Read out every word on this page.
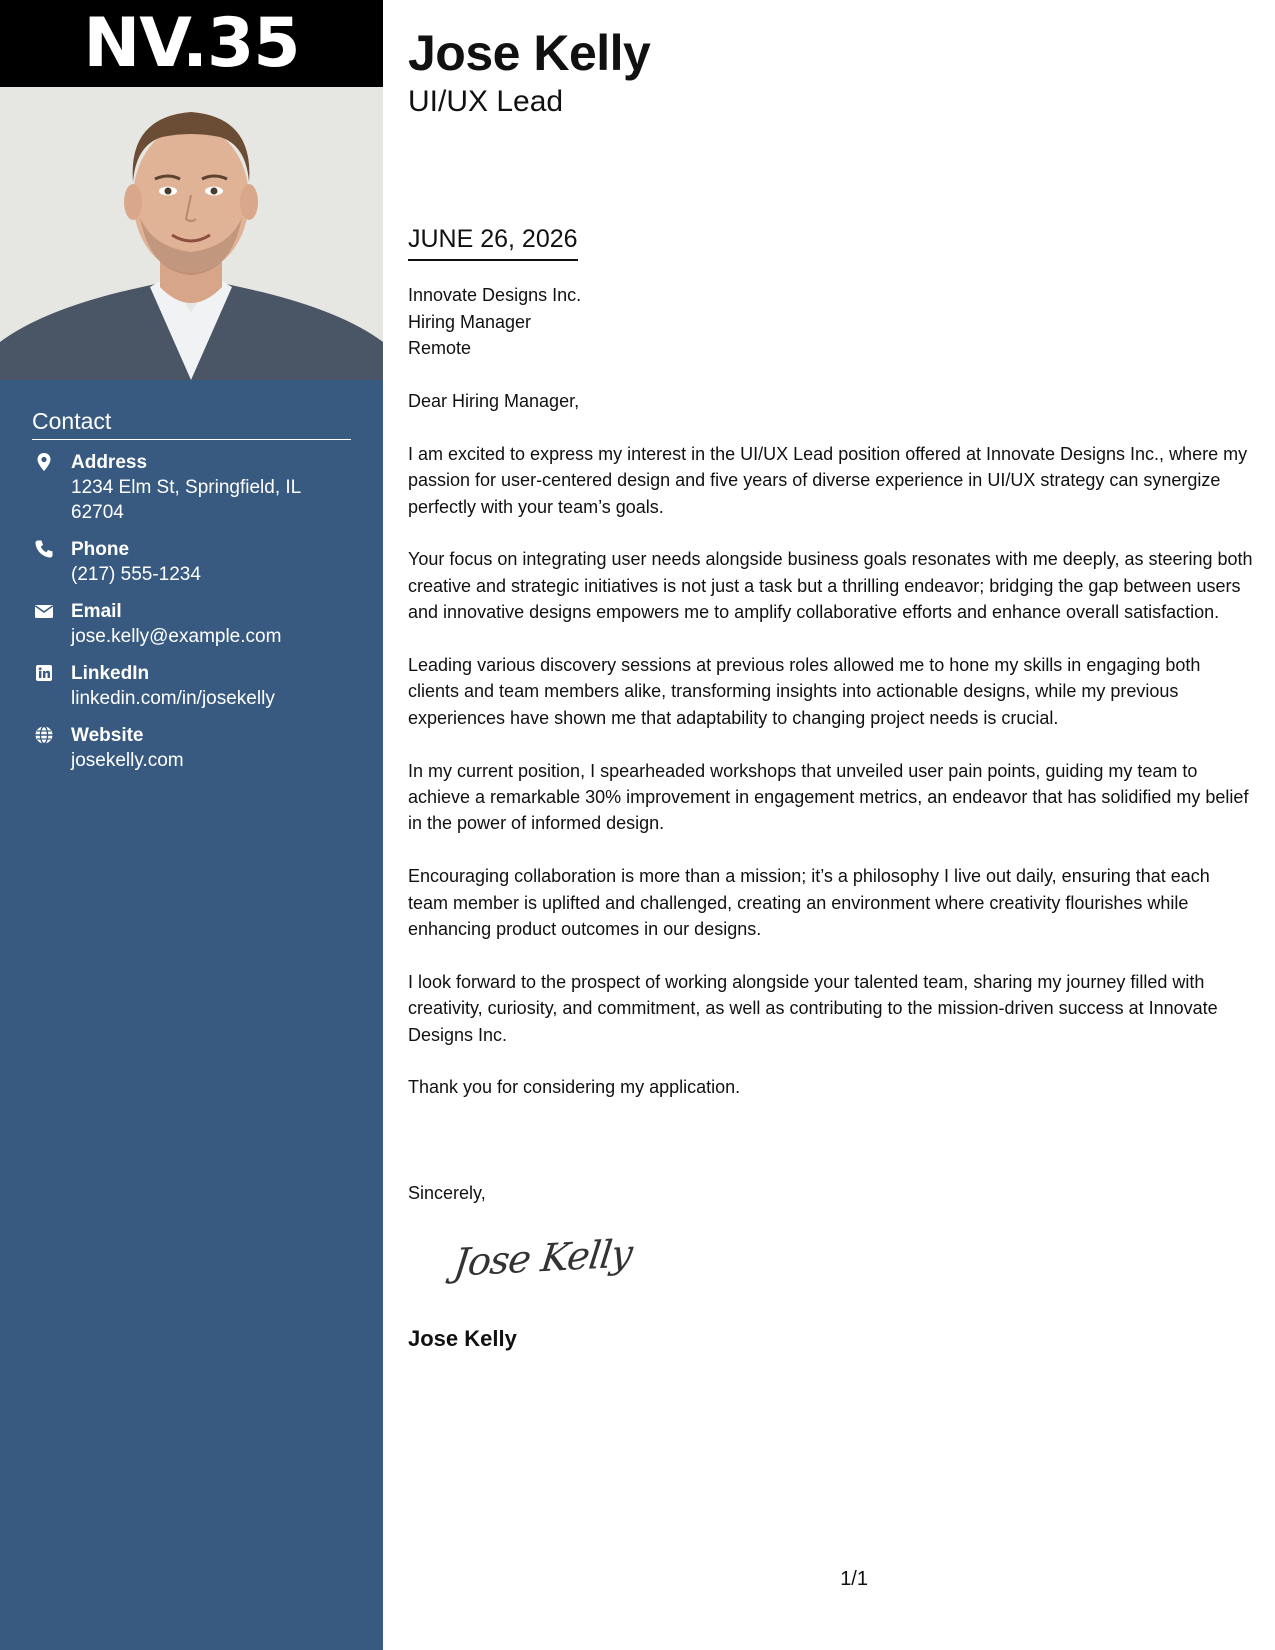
NV.35
Contact
Address
1234 Elm St, Springfield, IL 62704
Phone
(217) 555-1234
Email
jose.kelly@example.com
LinkedIn
linkedin.com/in/josekelly
Website
josekelly.com
Jose Kelly
UI/UX Lead
JUNE 26, 2026
Innovate Designs Inc.
Hiring Manager
Remote

Dear Hiring Manager,

I am excited to express my interest in the UI/UX Lead position offered at Innovate Designs Inc., where my passion for user-centered design and five years of diverse experience in UI/UX strategy can synergize perfectly with your team’s goals.

Your focus on integrating user needs alongside business goals resonates with me deeply, as steering both creative and strategic initiatives is not just a task but a thrilling endeavor; bridging the gap between users and innovative designs empowers me to amplify collaborative efforts and enhance overall satisfaction.

Leading various discovery sessions at previous roles allowed me to hone my skills in engaging both clients and team members alike, transforming insights into actionable designs, while my previous experiences have shown me that adaptability to changing project needs is crucial.

In my current position, I spearheaded workshops that unveiled user pain points, guiding my team to achieve a remarkable 30% improvement in engagement metrics, an endeavor that has solidified my belief in the power of informed design.

Encouraging collaboration is more than a mission; it’s a philosophy I live out daily, ensuring that each team member is uplifted and challenged, creating an environment where creativity flourishes while enhancing product outcomes in our designs.

I look forward to the prospect of working alongside your talented team, sharing my journey filled with creativity, curiosity, and commitment, as well as contributing to the mission-driven success at Innovate Designs Inc.

Thank you for considering my application.

Sincerely,
Jose Kelly
Jose Kelly
1/1
